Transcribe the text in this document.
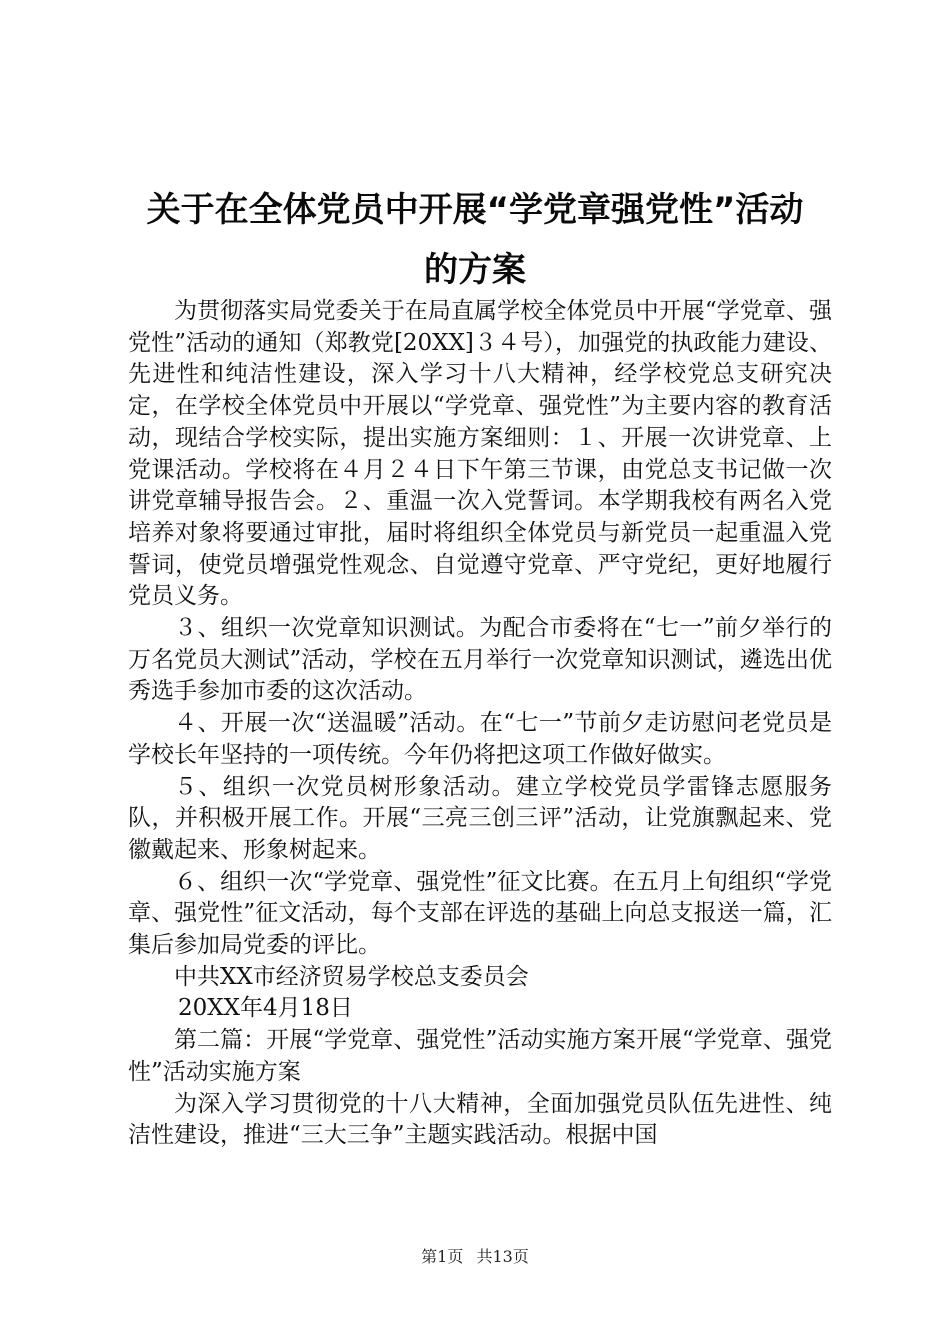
关于在全体党员中开展“学党章强党性”活动
的方案

为贯彻落实局党委关于在局直属学校全体党员中开展“学党章、强党性”活动的通知（郑教党[20XX]３４号），加强党的执政能力建设、先进性和纯洁性建设，深入学习十八大精神，经学校党总支研究决定，在学校全体党员中开展以“学党章、强党性”为主要内容的教育活动，现结合学校实际，提出实施方案细则：１、开展一次讲党章、上党课活动。学校将在４月２４日下午第三节课，由党总支书记做一次讲党章辅导报告会。２、重温一次入党誓词。本学期我校有两名入党培养对象将要通过审批，届时将组织全体党员与新党员一起重温入党誓词，使党员增强党性观念、自觉遵守党章、严守党纪，更好地履行党员义务。

３、组织一次党章知识测试。为配合市委将在“七一”前夕举行的万名党员大测试”活动，学校在五月举行一次党章知识测试，遴选出优秀选手参加市委的这次活动。

４、开展一次“送温暖”活动。在“七一”节前夕走访慰问老党员是学校长年坚持的一项传统。今年仍将把这项工作做好做实。

５、组织一次党员树形象活动。建立学校党员学雷锋志愿服务队，并积极开展工作。开展“三亮三创三评”活动，让党旗飘起来、党徽戴起来、形象树起来。

６、组织一次“学党章、强党性”征文比赛。在五月上旬组织“学党章、强党性”征文活动，每个支部在评选的基础上向总支报送一篇，汇集后参加局党委的评比。

中共XX市经济贸易学校总支委员会

20XX年4月18日

第二篇：开展“学党章、强党性”活动实施方案开展“学党章、强党性”活动实施方案

为深入学习贯彻党的十八大精神，全面加强党员队伍先进性、纯洁性建设，推进“三大三争”主题实践活动。根据中国

第1页 共13页
